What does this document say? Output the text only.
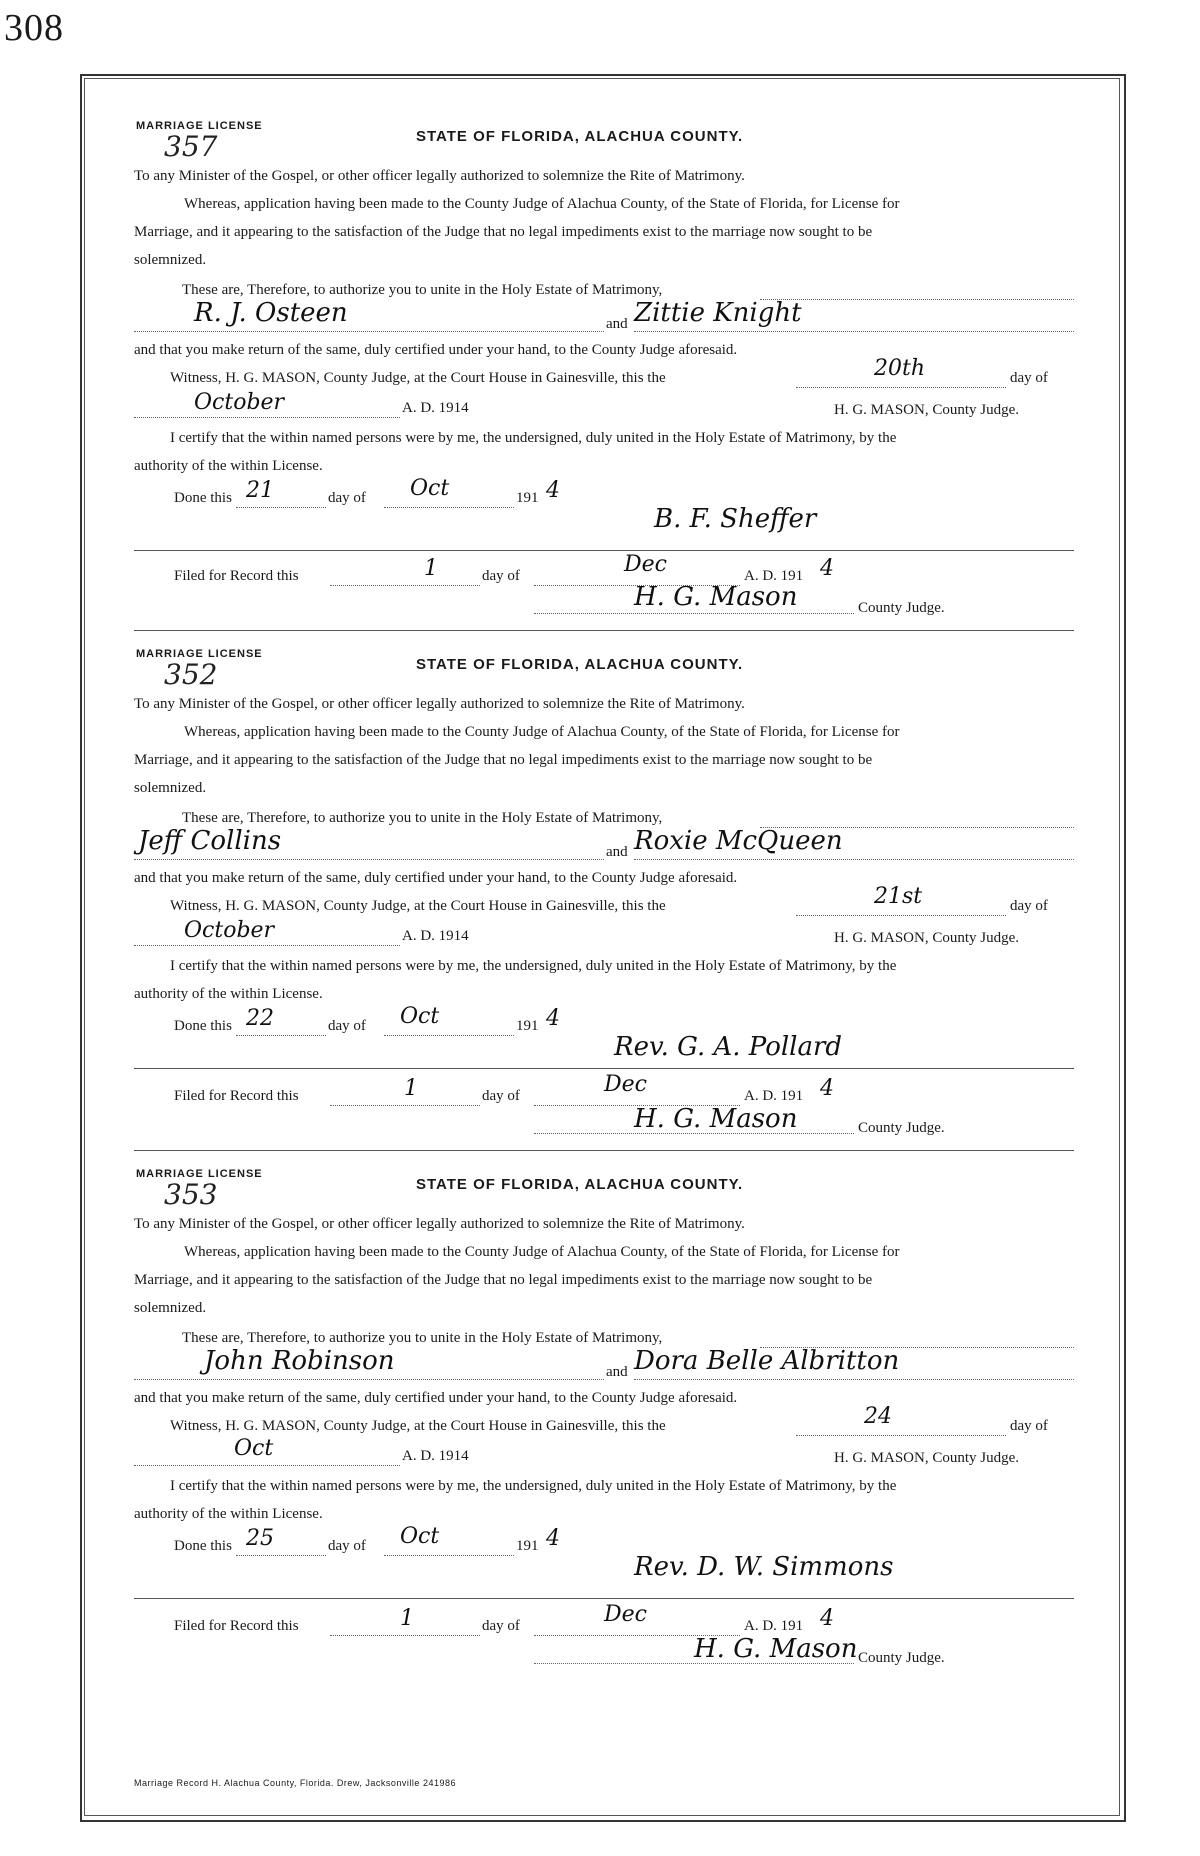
308
MARRIAGE LICENSE
357	STATE OF FLORIDA, ALACHUA COUNTY.
To any Minister of the Gospel, or other officer legally authorized to solemnize the Rite of Matrimony.
Whereas, application having been made to the County Judge of Alachua County, of the State of Florida, for License for
Marriage, and it appearing to the satisfaction of the Judge that no legal impediments exist to the marriage now sought to be
solemnized.
These are, Therefore, to authorize you to unite in the Holy Estate of Matrimony,
R. J. Osteen	and Zittie Knight
and that you make return of the same, duly certified under your hand, to the County Judge aforesaid.
Witness, H. G. MASON, County Judge, at the Court House in Gainesville, this the	20th	day of
October	A. D. 1914	H. G. MASON, County Judge.
I certify that the within named persons were by me, the undersigned, duly united in the Holy Estate of Matrimony, by the
authority of the within License.
Done this 21	day of Oct	191 4
B. F. Sheffer
Filed for Record this	1	day of	Dec	A. D. 191 4
H. G. Mason	County Judge.
MARRIAGE LICENSE
352	STATE OF FLORIDA, ALACHUA COUNTY.
To any Minister of the Gospel, or other officer legally authorized to solemnize the Rite of Matrimony.
Whereas, application having been made to the County Judge of Alachua County, of the State of Florida, for License for
Marriage, and it appearing to the satisfaction of the Judge that no legal impediments exist to the marriage now sought to be
solemnized.
These are, Therefore, to authorize you to unite in the Holy Estate of Matrimony,
Jeff Collins	and Roxie McQueen
and that you make return of the same, duly certified under your hand, to the County Judge aforesaid.
Witness, H. G. MASON, County Judge, at the Court House in Gainesville, this the	21st	day of
October	A. D. 1914	H. G. MASON, County Judge.
I certify that the within named persons were by me, the undersigned, duly united in the Holy Estate of Matrimony, by the
authority of the within License.
Done this 22	day of Oct	191 4
Rev. G. A. Pollard
Filed for Record this	1	day of	Dec	A. D. 191 4
H. G. Mason	County Judge.
MARRIAGE LICENSE
353	STATE OF FLORIDA, ALACHUA COUNTY.
To any Minister of the Gospel, or other officer legally authorized to solemnize the Rite of Matrimony.
Whereas, application having been made to the County Judge of Alachua County, of the State of Florida, for License for
Marriage, and it appearing to the satisfaction of the Judge that no legal impediments exist to the marriage now sought to be
solemnized.
These are, Therefore, to authorize you to unite in the Holy Estate of Matrimony,
John Robinson	and Dora Belle Albritton
and that you make return of the same, duly certified under your hand, to the County Judge aforesaid.
Witness, H. G. MASON, County Judge, at the Court House in Gainesville, this the	24	day of
Oct	A. D. 1914	H. G. MASON, County Judge.
I certify that the within named persons were by me, the undersigned, duly united in the Holy Estate of Matrimony, by the
authority of the within License.
Done this 25	day of Oct	191 4
Rev. D. W. Simmons
Filed for Record this	1	day of	Dec	A. D. 191 4
H. G. Mason County Judge.
Marriage Record H. Alachua County, Florida. Drew, Jacksonville 241986
